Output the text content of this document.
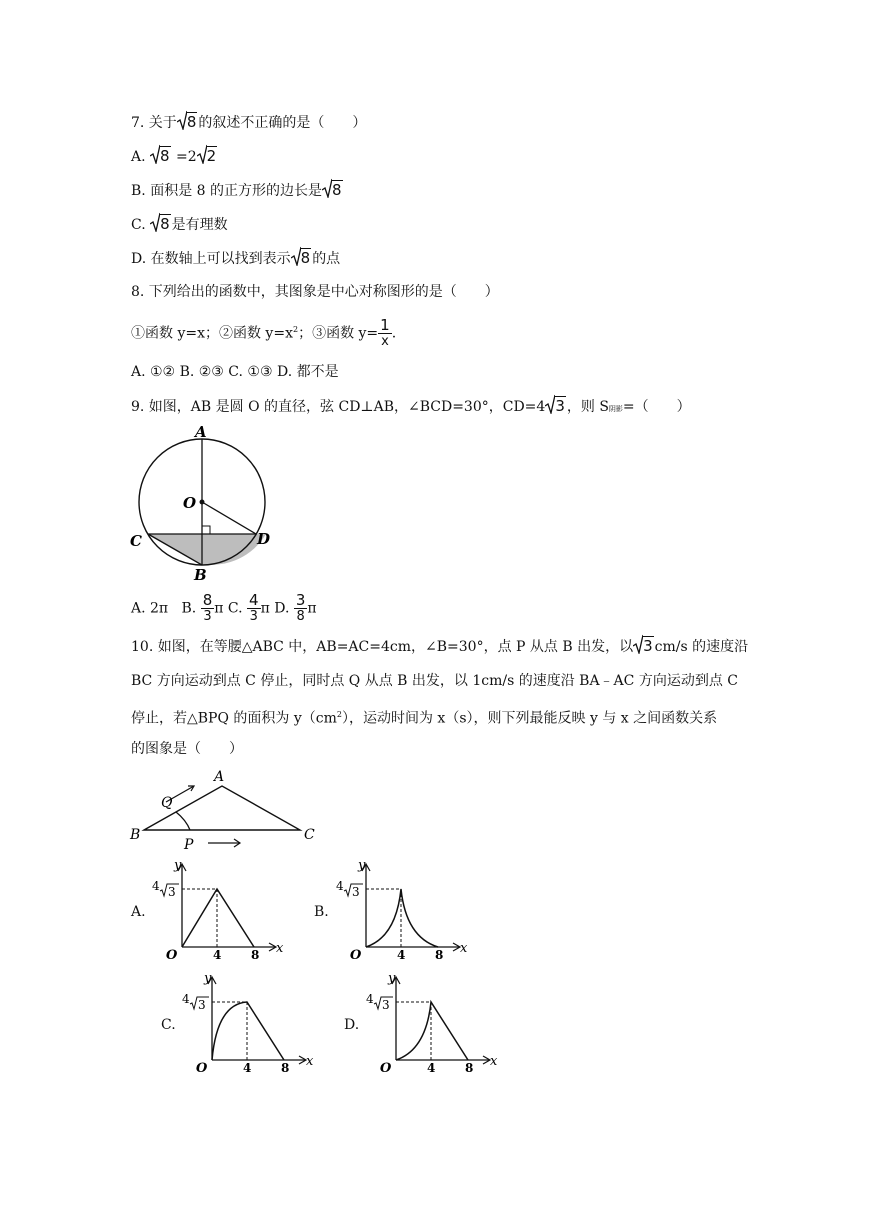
7. 关于 8 的叙述不正确的是（　　）
A. 8 =2 2
B. 面积是 8 的正方形的边长是 8
C. 8 是有理数
D. 在数轴上可以找到表示 8 的点
8. 下列给出的函数中，其图象是中心对称图形的是（　　）
①函数 y=x；②函数 $y=x^2$；③函数 $y= \frac{1}{x}$ .
A. ①② B. ②③ C. ①③ D. 都不是
9. 如图，AB 是圆 O 的直径，弦 CD⊥AB，∠BCD=30°，CD=4 3 ，则 S阴影=（　　）
A
O
C	D
B
A. 2π B. $\frac{8}{3}$ π C. $\frac{4}{3}$ π D. $\frac{3}{8}$ π
10. 如图，在等腰△ABC 中，AB=AC=4cm，∠B=30°，点 P 从点 B 出发，以 3 cm/s 的速度沿
BC 方向运动到点 C 停止，同时点 Q 从点 B 出发，以 1cm/s 的速度沿 BA﹣AC 方向运动到点 C
停止，若△BPQ 的面积为 $y(cm^2)$，运动时间为 x（s），则下列最能反映 y 与 x 之间函数关系
的图象是（　　）
A
B	C
P
Q
A.
y
x
O	4 8
4 3
B.
y
x
O	4 8
4 3
C.
y
x
O	4 8
4 3
D.
y
x
O	4 8
4 3
